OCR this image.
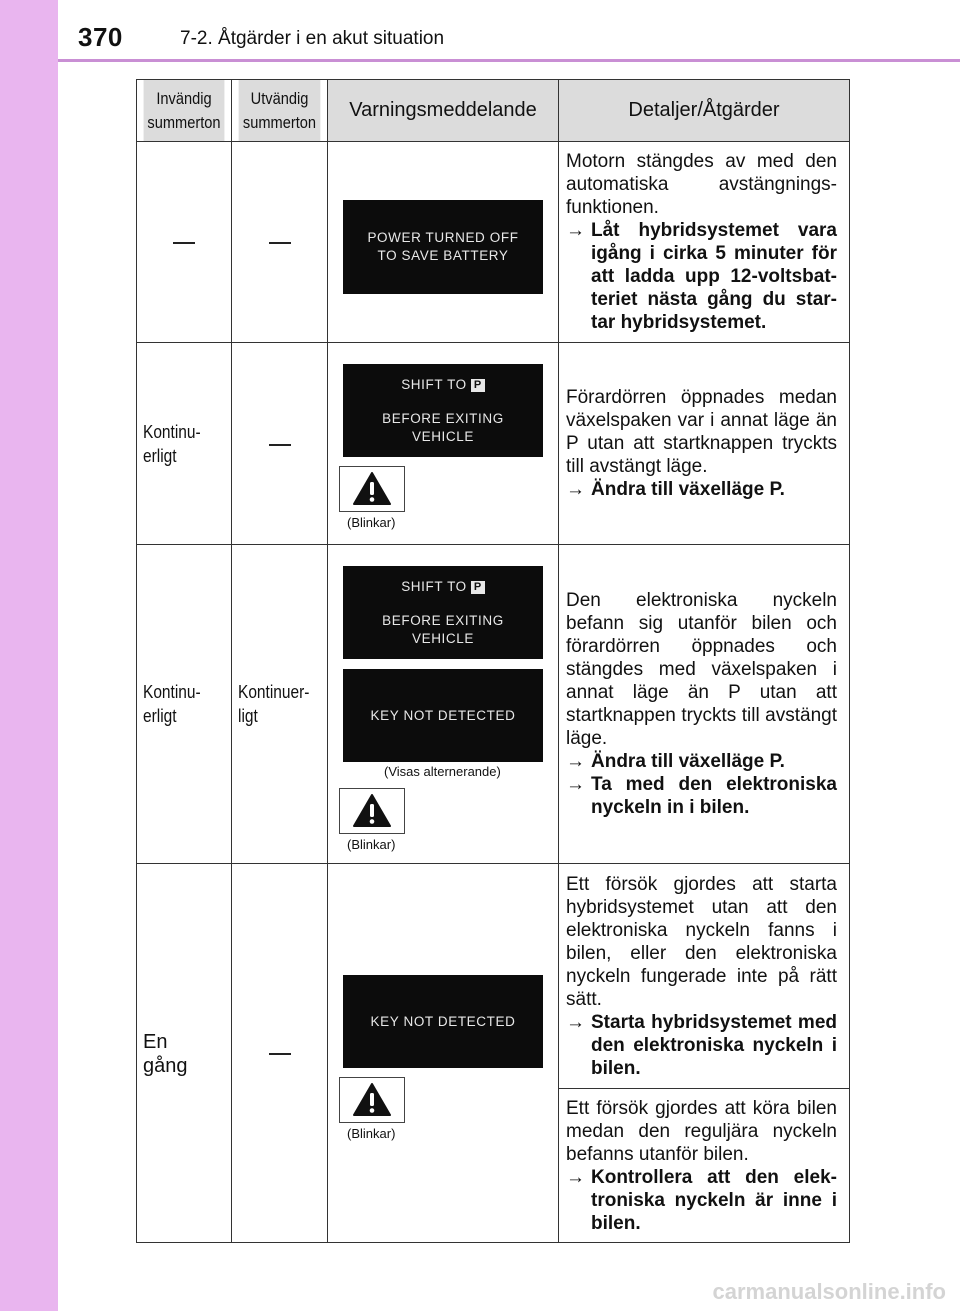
370	7-2. Åtgärder i en akut situation
Invändig
summerton
Utvändig
summerton
Varningsmeddelande	Detaljer/Åtgärder
POWER TURNED OFF
TO SAVE BATTERY

Motorn stängdes av med den automatiska avstängnings-funktionen.

→ Låt hybridsystemet vara igång i cirka 5 minuter för att ladda upp 12-voltsbat-teriet nästa gång du star-tar hybridsystemet.
Kontinu-
erligt
SHIFT TO P
BEFORE EXITING
VEHICLE
(Blinkar)

Förardörren öppnades medan växelspaken var i annat läge än P utan att startknappen tryckts till avstängt läge.

→ Ändra till växelläge P.
Kontinu-
erligt
Kontinuer-
ligt
SHIFT TO P
BEFORE EXITING
VEHICLE
KEY NOT DETECTED
(Visas alternerande)
(Blinkar)

Den elektroniska nyckeln befann sig utanför bilen och förardörren öppnades och stängdes med växelspaken i annat läge än P utan att startknappen tryckts till avstängt läge.

→ Ändra till växelläge P.
→ Ta med den elektroniska nyckeln in i bilen.
En
gång
KEY NOT DETECTED
(Blinkar)

Ett försök gjordes att starta hybridsystemet utan att den elektroniska nyckeln fanns i bilen, eller den elektroniska nyckeln fungerade inte på rätt sätt.

→ Starta hybridsystemet med den elektroniska nyckeln i bilen.

Ett försök gjordes att köra bilen medan den reguljära nyckeln befanns utanför bilen.

→ Kontrollera att den elek-troniska nyckeln är inne i bilen.
carmanualsonline.info
